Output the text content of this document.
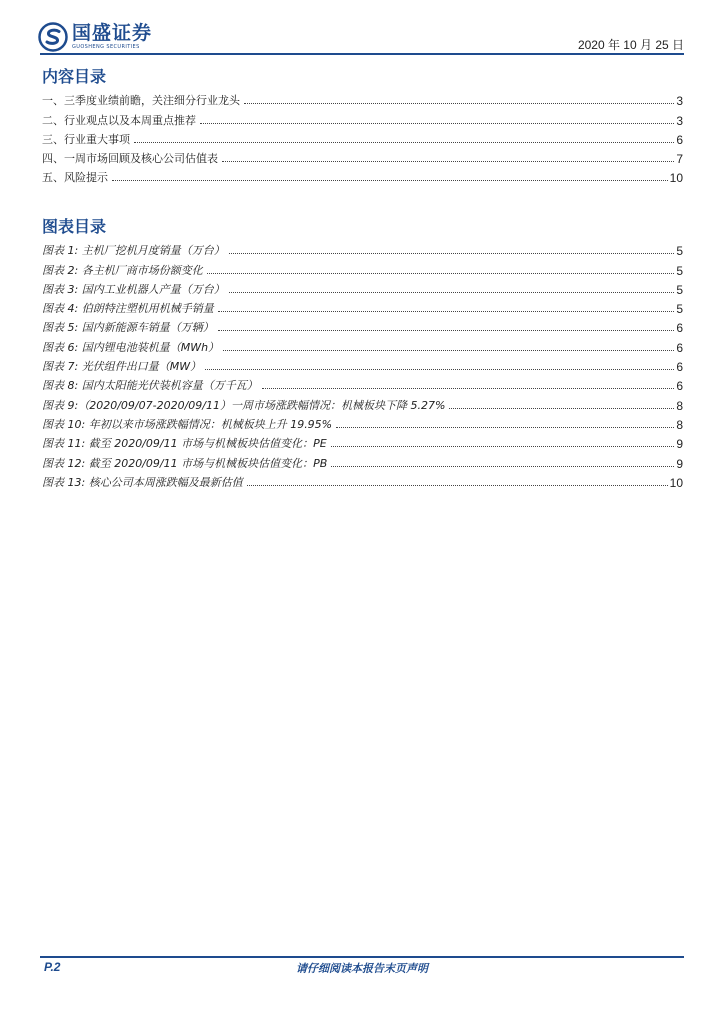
国盛证券
GUOSHENG SECURITIES	2020 年 10 月 25 日
内容目录
一、三季度业绩前瞻，关注细分行业龙头	3
二、行业观点以及本周重点推荐	3
三、行业重大事项	6
四、一周市场回顾及核心公司估值表	7
五、风险提示	10
图表目录
图表 1: 主机厂挖机月度销量（万台）	5
图表 2: 各主机厂商市场份额变化	5
图表 3: 国内工业机器人产量（万台）	5
图表 4: 伯朗特注塑机用机械手销量	5
图表 5: 国内新能源车销量（万辆）	6
图表 6: 国内锂电池装机量（MWh）	6
图表 7: 光伏组件出口量（MW）	6
图表 8: 国内太阳能光伏装机容量（万千瓦）	6
图表 9:（2020/09/07-2020/09/11）一周市场涨跌幅情况：机械板块下降 5.27%	8
图表 10: 年初以来市场涨跌幅情况：机械板块上升 19.95%	8
图表 11: 截至 2020/09/11 市场与机械板块估值变化：PE	9
图表 12: 截至 2020/09/11 市场与机械板块估值变化：PB	9
图表 13: 核心公司本周涨跌幅及最新估值	10
P.2	请仔细阅读本报告末页声明
